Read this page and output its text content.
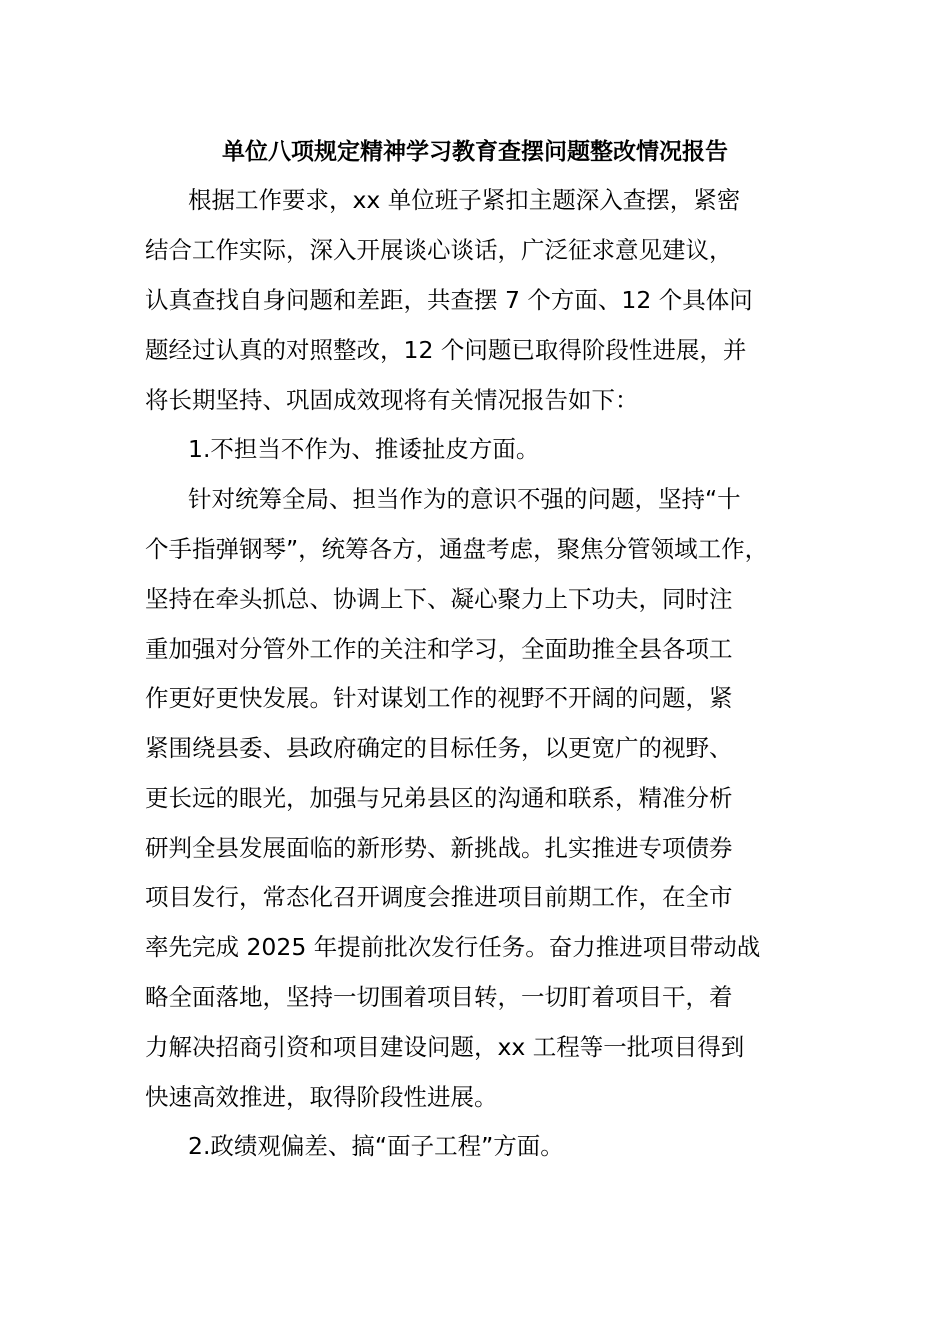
单位八项规定精神学习教育查摆问题整改情况报告

根据工作要求，xx 单位班子紧扣主题深入查摆，紧密

结合工作实际，深入开展谈心谈话，广泛征求意见建议，

认真查找自身问题和差距，共查摆 7 个方面、12 个具体问

题经过认真的对照整改，12 个问题已取得阶段性进展，并

将长期坚持、巩固成效现将有关情况报告如下：

1.不担当不作为、推诿扯皮方面。

针对统筹全局、担当作为的意识不强的问题，坚持“十

个手指弹钢琴”，统筹各方，通盘考虑，聚焦分管领域工作，

坚持在牵头抓总、协调上下、凝心聚力上下功夫，同时注

重加强对分管外工作的关注和学习，全面助推全县各项工

作更好更快发展。针对谋划工作的视野不开阔的问题，紧

紧围绕县委、县政府确定的目标任务，以更宽广的视野、

更长远的眼光，加强与兄弟县区的沟通和联系，精准分析

研判全县发展面临的新形势、新挑战。扎实推进专项债券

项目发行，常态化召开调度会推进项目前期工作，在全市

率先完成 2025 年提前批次发行任务。奋力推进项目带动战

略全面落地，坚持一切围着项目转，一切盯着项目干，着

力解决招商引资和项目建设问题，xx 工程等一批项目得到

快速高效推进，取得阶段性进展。

2.政绩观偏差、搞“面子工程”方面。
